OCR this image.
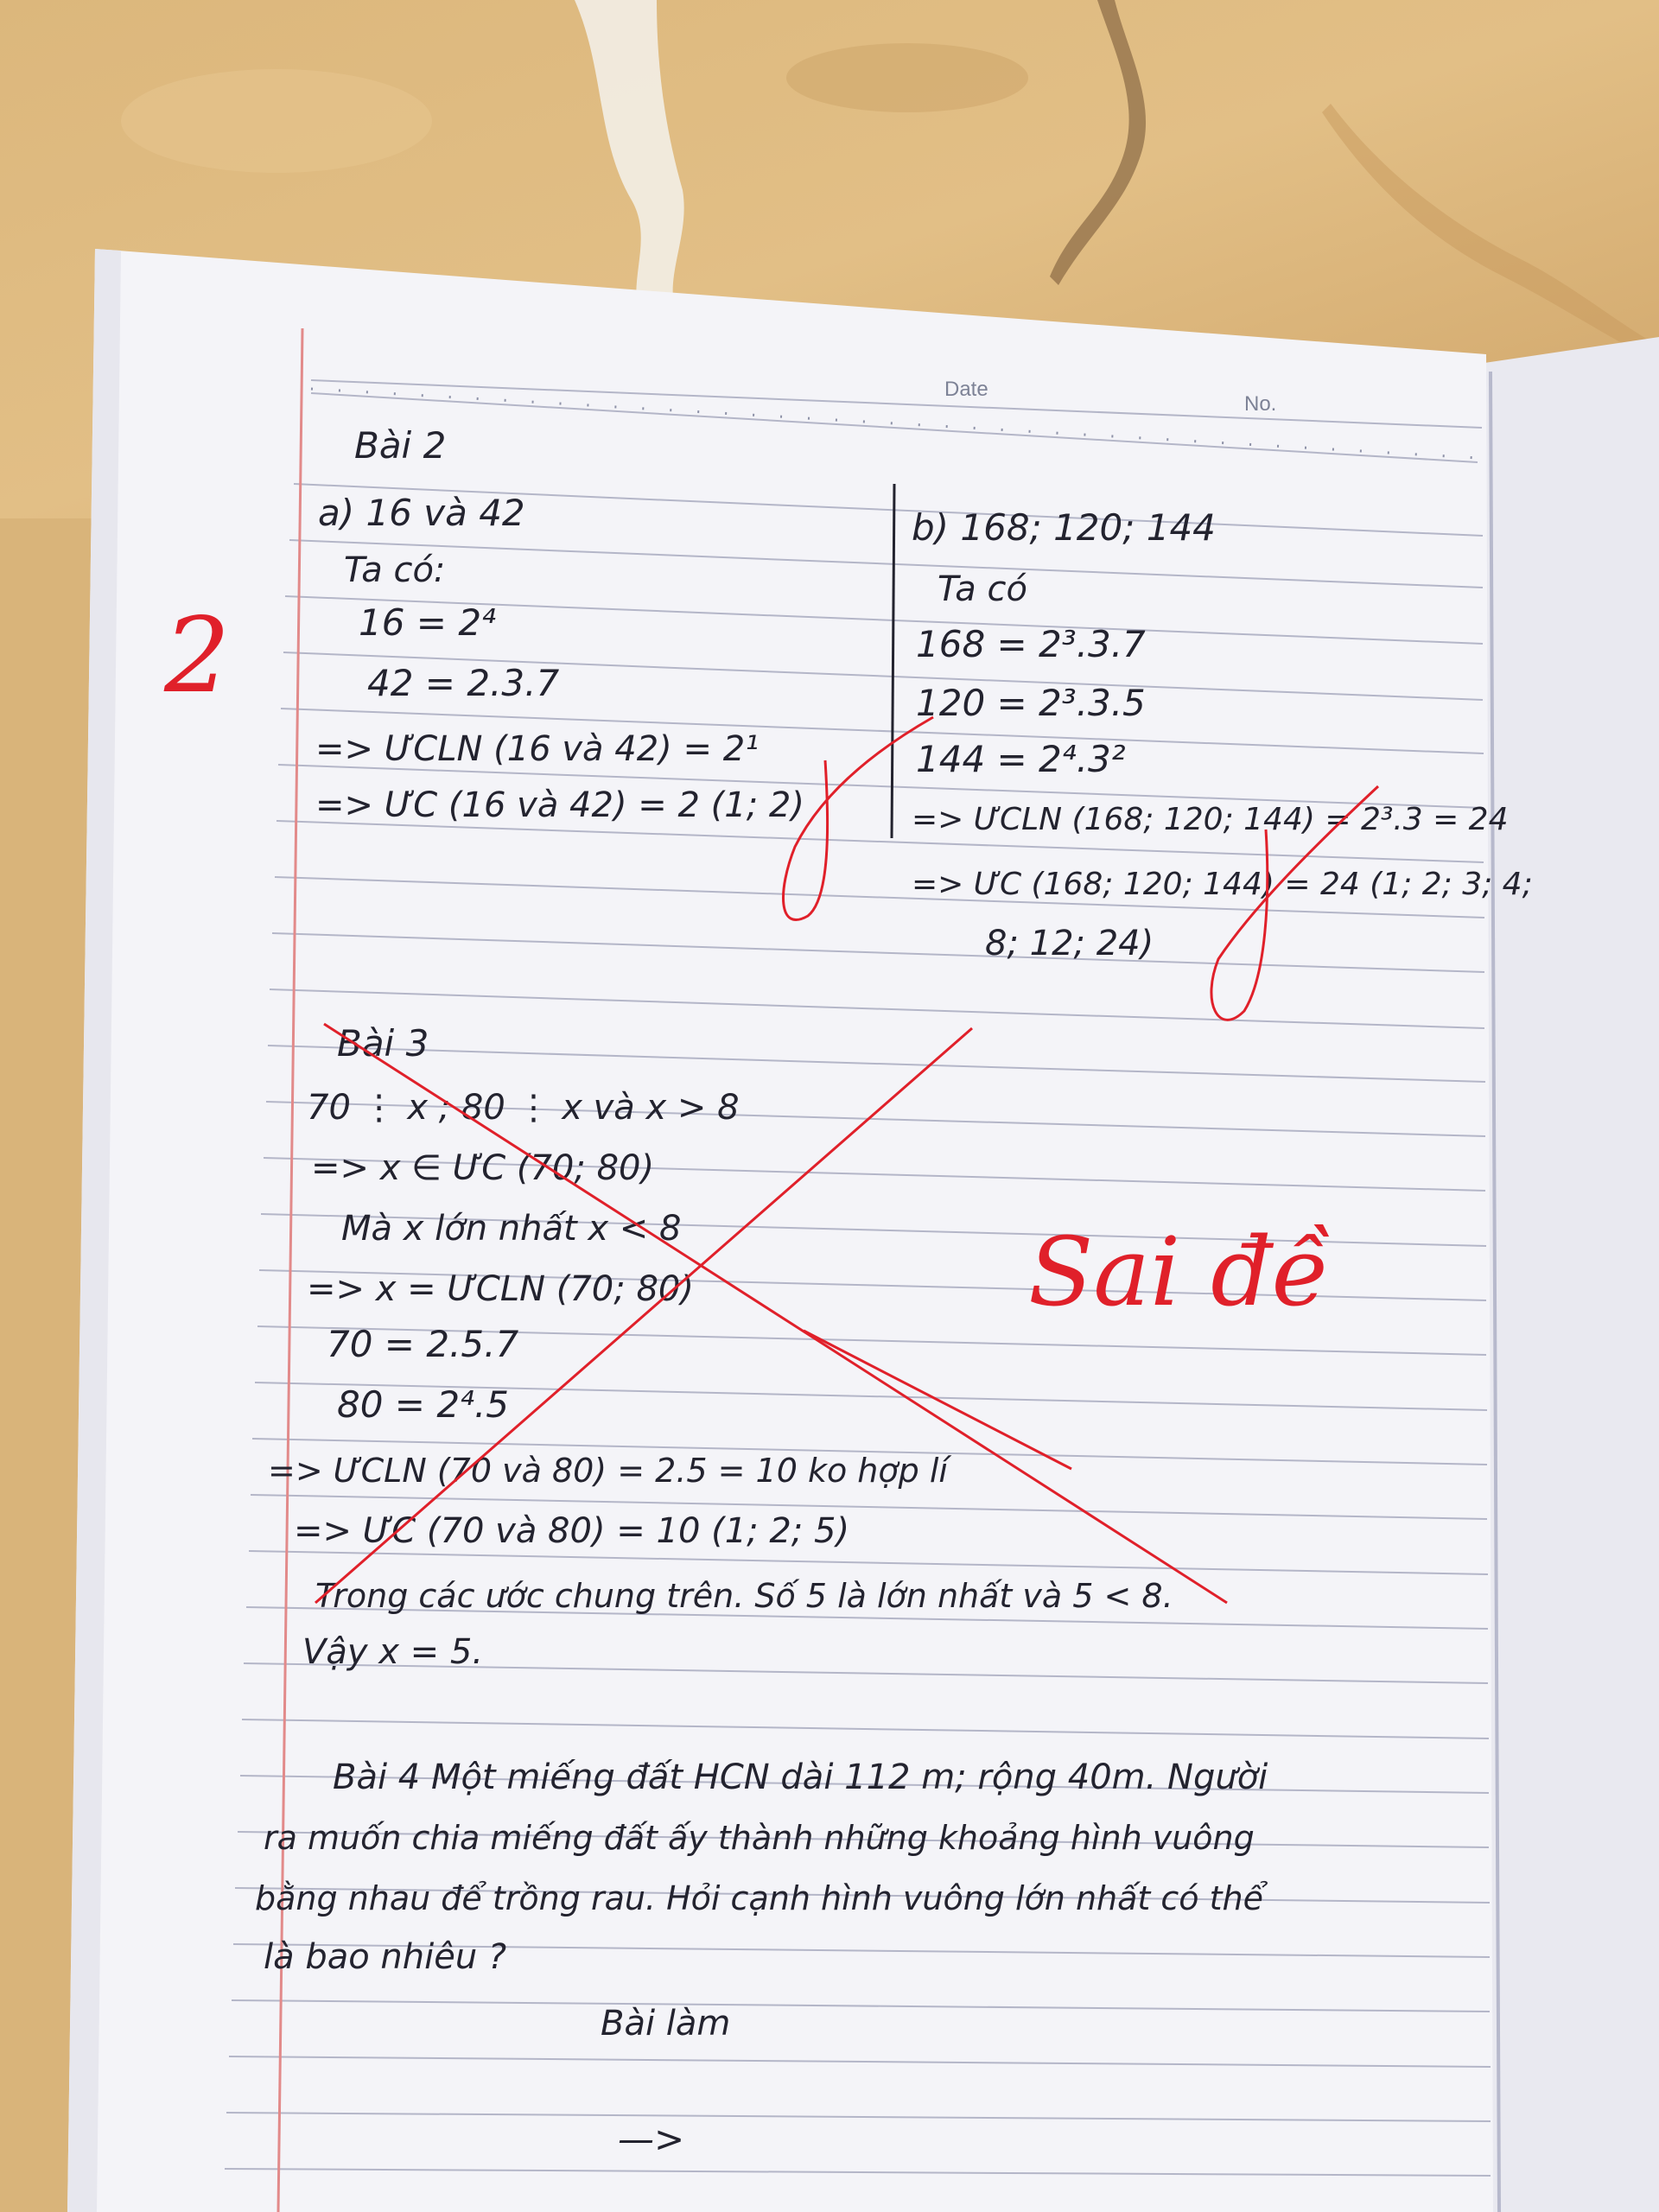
Date
No.
Bài 2
a) 16 và 42
Ta có:
16 = 2⁴
42 = 2.3.7
=> ƯCLN (16 và 42) = 2¹
=> ƯC (16 và 42) = 2 (1; 2)
b) 168; 120; 144
Ta có
168 = 2³.3.7
120 = 2³.3.5
144 = 2⁴.3²
=> ƯCLN (168; 120; 144) = 2³.3 = 24
=> ƯC (168; 120; 144) = 24 (1; 2; 3; 4;
8; 12; 24)
Bài 3
70 ⋮ x ; 80 ⋮ x và x > 8
=> x ∈ ƯC (70; 80)
Mà x lớn nhất x < 8
=> x = ƯCLN (70; 80)
70 = 2.5.7
80 = 2⁴.5
=> ƯCLN (70 và 80) = 2.5 = 10 ko hợp lí
=> ƯC (70 và 80) = 10 (1; 2; 5)
Trong các ước chung trên. Số 5 là lớn nhất và 5 < 8.
Vậy x = 5.
Bài 4 Một miếng đất HCN dài 112 m; rộng 40m. Người
ra muốn chia miếng đất ấy thành những khoảng hình vuông
bằng nhau để trồng rau. Hỏi cạnh hình vuông lớn nhất có thể
là bao nhiêu ?
Bài làm
—>
2
Sai đề
